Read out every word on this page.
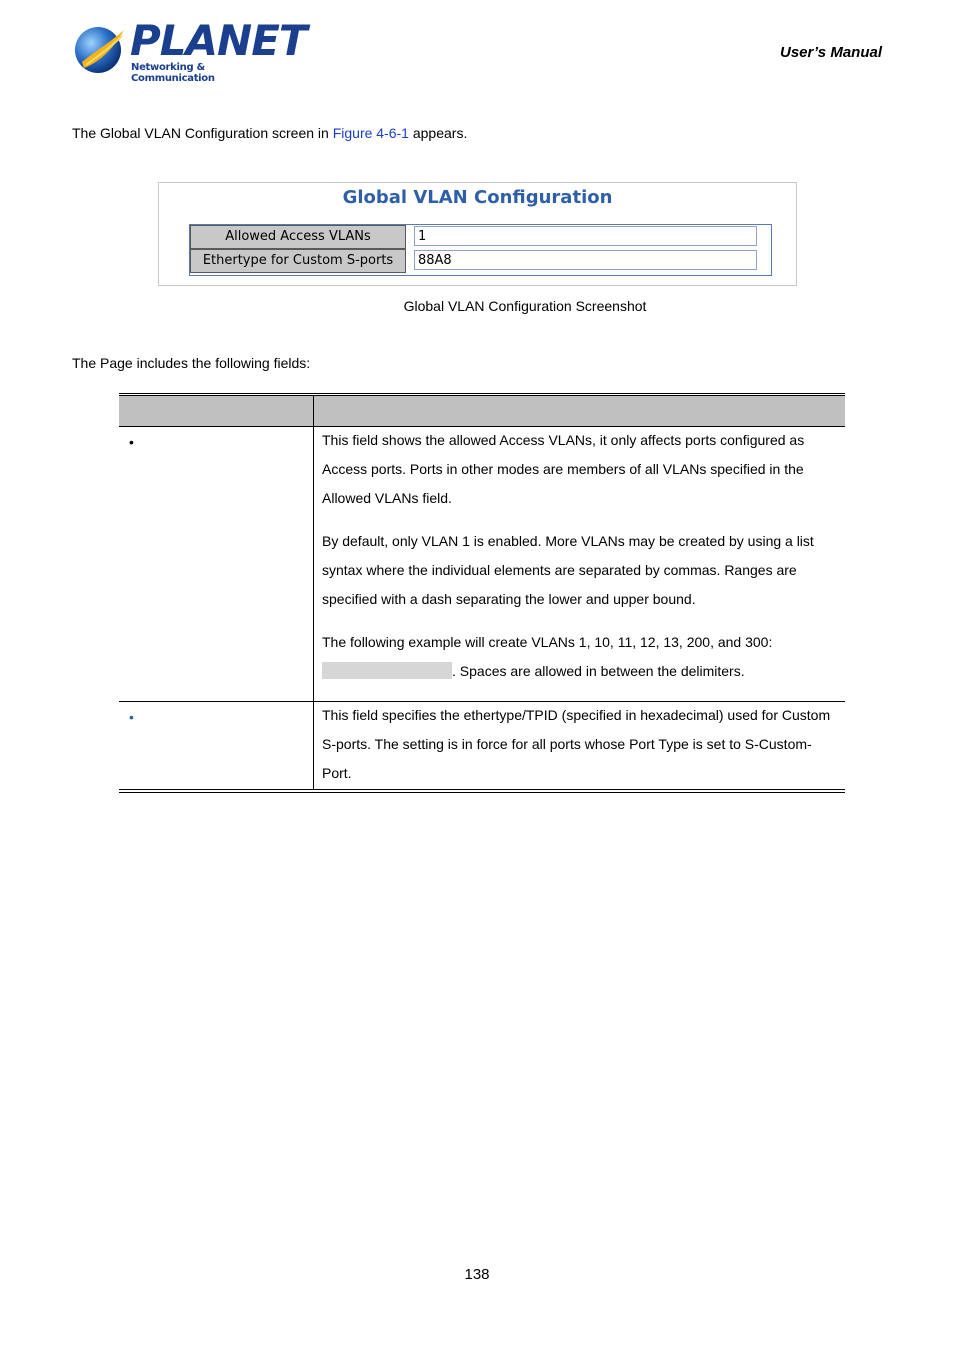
PLANET
Networking & Communication
User’s Manual
The Global VLAN Configuration screen in Figure 4-6-1 appears.
Global VLAN Configuration
Allowed Access VLANs	1
Ethertype for Custom S-ports	88A8
Global VLAN Configuration Screenshot
The Page includes the following fields:
•	This field shows the allowed Access VLANs, it only affects ports configured as Access ports. Ports in other modes are members of all VLANs specified in the Allowed VLANs field.

By default, only VLAN 1 is enabled. More VLANs may be created by using a list syntax where the individual elements are separated by commas. Ranges are specified with a dash separating the lower and upper bound.

The following example will create VLANs 1, 10, 11, 12, 13, 200, and 300:

. Spaces are allowed in between the delimiters.
•	This field specifies the ethertype/TPID (specified in hexadecimal) used for Custom S-ports. The setting is in force for all ports whose Port Type is set to S-Custom-Port.

138
